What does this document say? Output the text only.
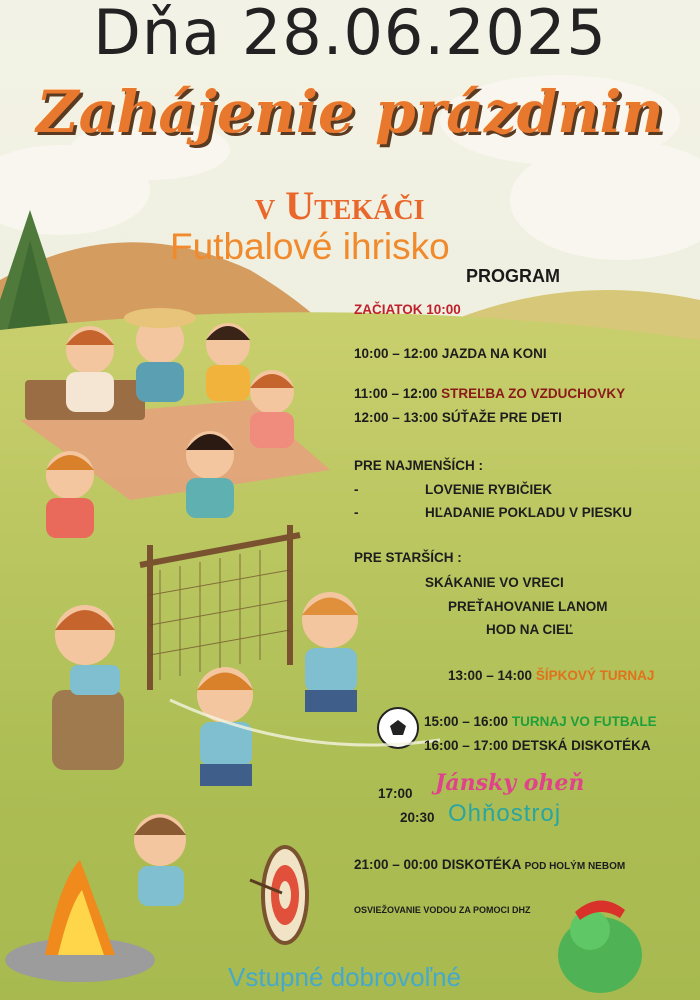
Dňa 28.06.2025
Zahájenie prázdnin
v Utekáči
Futbalové ihrisko
PROGRAM
ZAČIATOK 10:00
10:00 – 12:00 JAZDA NA KONI
11:00 – 12:00 STREĽBA ZO VZDUCHOVKY
12:00 – 13:00 SÚŤAŽE PRE DETI
PRE NAJMENŠÍCH :
-	LOVENIE RYBIČIEK
-	HĽADANIE POKLADU V PIESKU
PRE STARŠÍCH :
SKÁKANIE VO VRECI
PREŤAHOVANIE LANOM
HOD NA CIEĽ
13:00 – 14:00 ŠÍPKOVÝ TURNAJ
15:00 – 16:00 TURNAJ VO FUTBALE
16:00 – 17:00 DETSKÁ DISKOTÉKA
17:00 Jánsky oheň
20:30 Ohňostroj
21:00 – 00:00 DISKOTÉKA POD HOLÝM NEBOM
OSVIEŽOVANIE VODOU ZA POMOCI DHZ
Vstupné dobrovoľné
